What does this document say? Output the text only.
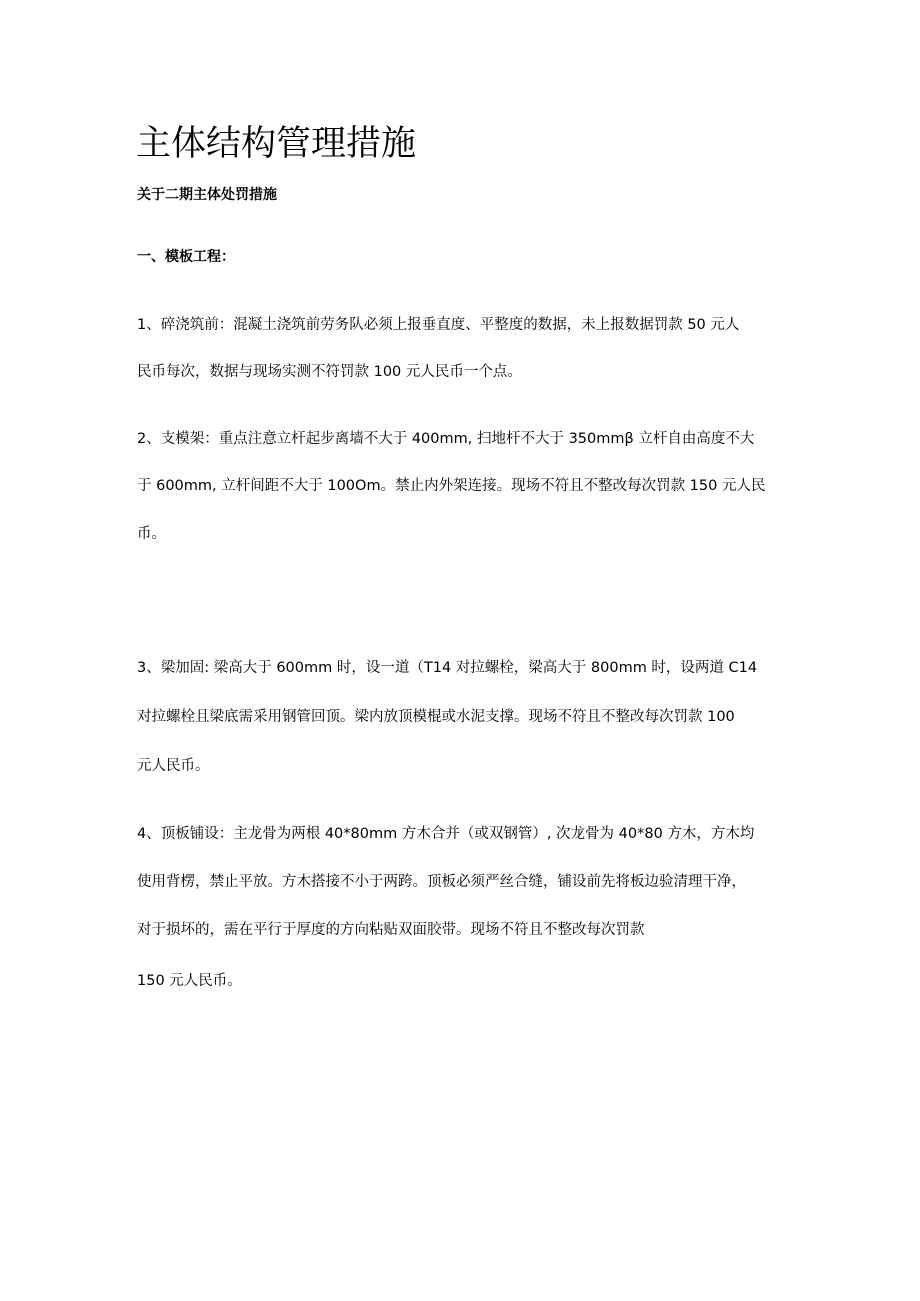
主体结构管理措施

关于二期主体处罚措施

一、模板工程：

1、碎浇筑前：混凝土浇筑前劳务队必须上报垂直度、平整度的数据，未上报数据罚款 50 元人
民币每次，数据与现场实测不符罚款 100 元人民币一个点。
2、支模架：重点注意立杆起步离墙不大于 400mm, 扫地杆不大于 350mmβ 立杆自由高度不大
于 600mm, 立杆间距不大于 100Om。禁止内外架连接。现场不符且不整改每次罚款 150 元人民
币。
3、梁加固: 梁高大于 600mm 时，设一道（T14 对拉螺栓，梁高大于 800mm 时，设两道 C14
对拉螺栓且梁底需采用钢管回顶。梁内放顶模棍或水泥支撑。现场不符且不整改每次罚款 100
元人民币。
4、顶板铺设：主龙骨为两根 40*80mm 方木合并（或双钢管）, 次龙骨为 40*80 方木，方木均
使用背楞，禁止平放。方木搭接不小于两跨。顶板必须严丝合缝，铺设前先将板边验清理干净，
对于损坏的，需在平行于厚度的方向粘贴双面胶带。现场不符且不整改每次罚款
150 元人民币。
